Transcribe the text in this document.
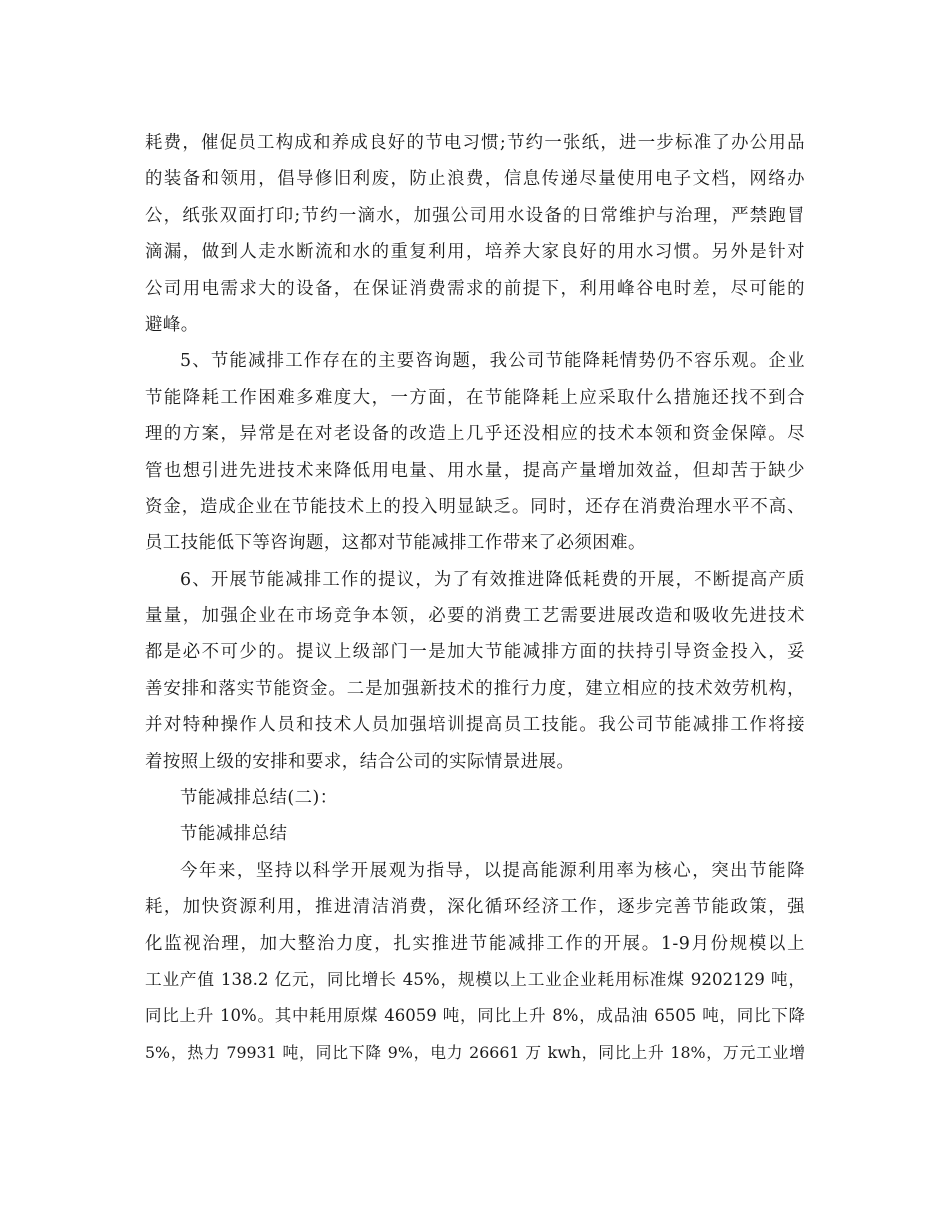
耗费，催促员工构成和养成良好的节电习惯;节约一张纸，进一步标准了办公用品
的装备和领用，倡导修旧利废，防止浪费，信息传递尽量使用电子文档，网络办
公，纸张双面打印;节约一滴水，加强公司用水设备的日常维护与治理，严禁跑冒
滴漏，做到人走水断流和水的重复利用，培养大家良好的用水习惯。另外是针对
公司用电需求大的设备，在保证消费需求的前提下，利用峰谷电时差，尽可能的
避峰。
5、节能减排工作存在的主要咨询题，我公司节能降耗情势仍不容乐观。企业
节能降耗工作困难多难度大，一方面，在节能降耗上应采取什么措施还找不到合
理的方案，异常是在对老设备的改造上几乎还没相应的技术本领和资金保障。尽
管也想引进先进技术来降低用电量、用水量，提高产量增加效益，但却苦于缺少
资金，造成企业在节能技术上的投入明显缺乏。同时，还存在消费治理水平不高、
员工技能低下等咨询题，这都对节能减排工作带来了必须困难。
6、开展节能减排工作的提议，为了有效推进降低耗费的开展，不断提高产质
量量，加强企业在市场竞争本领，必要的消费工艺需要进展改造和吸收先进技术
都是必不可少的。提议上级部门一是加大节能减排方面的扶持引导资金投入，妥
善安排和落实节能资金。二是加强新技术的推行力度，建立相应的技术效劳机构，
并对特种操作人员和技术人员加强培训提高员工技能。我公司节能减排工作将接
着按照上级的安排和要求，结合公司的实际情景进展。
节能减排总结(二)：
节能减排总结
今年来，坚持以科学开展观为指导，以提高能源利用率为核心，突出节能降
耗，加快资源利用，推进清洁消费，深化循环经济工作，逐步完善节能政策，强
化监视治理，加大整治力度，扎实推进节能减排工作的开展。1-9月份规模以上
工业产值 138.2 亿元，同比增长 45%，规模以上工业企业耗用标准煤 9202129 吨，
同比上升 10%。其中耗用原煤 46059 吨，同比上升 8%，成品油 6505 吨，同比下降
5%，热力 79931 吨，同比下降 9%，电力 26661 万 kwh，同比上升 18%，万元工业增
